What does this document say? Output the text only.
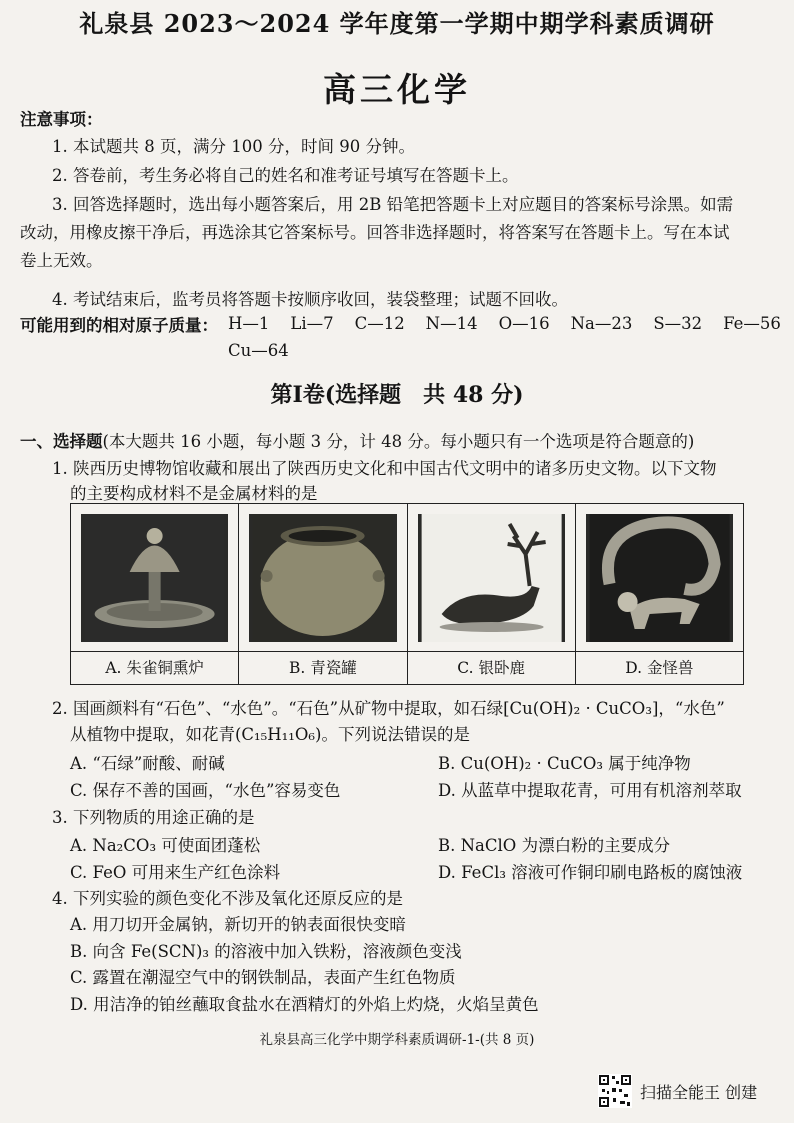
礼泉县 2023～2024 学年度第一学期中期学科素质调研
高三化学
注意事项：
1. 本试题共 8 页，满分 100 分，时间 90 分钟。
2. 答卷前，考生务必将自己的姓名和准考证号填写在答题卡上。
3. 回答选择题时，选出每小题答案后，用 2B 铅笔把答题卡上对应题目的答案标号涂黑。如需
改动，用橡皮擦干净后，再选涂其它答案标号。回答非选择题时，将答案写在答题卡上。写在本试
卷上无效。
4. 考试结束后，监考员将答题卡按顺序收回，装袋整理；试题不回收。
可能用到的相对原子质量： H—1    Li—7    C—12    N—14    O—16    Na—23    S—32    Fe—56
Cu—64
第Ⅰ卷(选择题　共 48 分)
一、选择题(本大题共 16 小题，每小题 3 分，计 48 分。每小题只有一个选项是符合题意的)
1. 陕西历史博物馆收藏和展出了陕西历史文化和中国古代文明中的诸多历史文物。以下文物
的主要构成材料不是金属材料的是
A. 朱雀铜熏炉	B. 青瓷罐	C. 银卧鹿	D. 金怪兽
2. 国画颜料有“石色”、“水色”。“石色”从矿物中提取，如石绿[Cu(OH)₂ · CuCO₃]，“水色”
从植物中提取，如花青(C₁₅H₁₁O₆)。下列说法错误的是
A. “石绿”耐酸、耐碱	B. Cu(OH)₂ · CuCO₃ 属于纯净物
C. 保存不善的国画，“水色”容易变色	D. 从蓝草中提取花青，可用有机溶剂萃取
3. 下列物质的用途正确的是
A. Na₂CO₃ 可使面团蓬松	B. NaClO 为漂白粉的主要成分
C. FeO 可用来生产红色涂料	D. FeCl₃ 溶液可作铜印刷电路板的腐蚀液
4. 下列实验的颜色变化不涉及氧化还原反应的是
A. 用刀切开金属钠，新切开的钠表面很快变暗
B. 向含 Fe(SCN)₃ 的溶液中加入铁粉，溶液颜色变浅
C. 露置在潮湿空气中的钢铁制品，表面产生红色物质
D. 用洁净的铂丝蘸取食盐水在酒精灯的外焰上灼烧，火焰呈黄色
礼泉县高三化学中期学科素质调研-1-(共 8 页)
扫描全能王 创建
